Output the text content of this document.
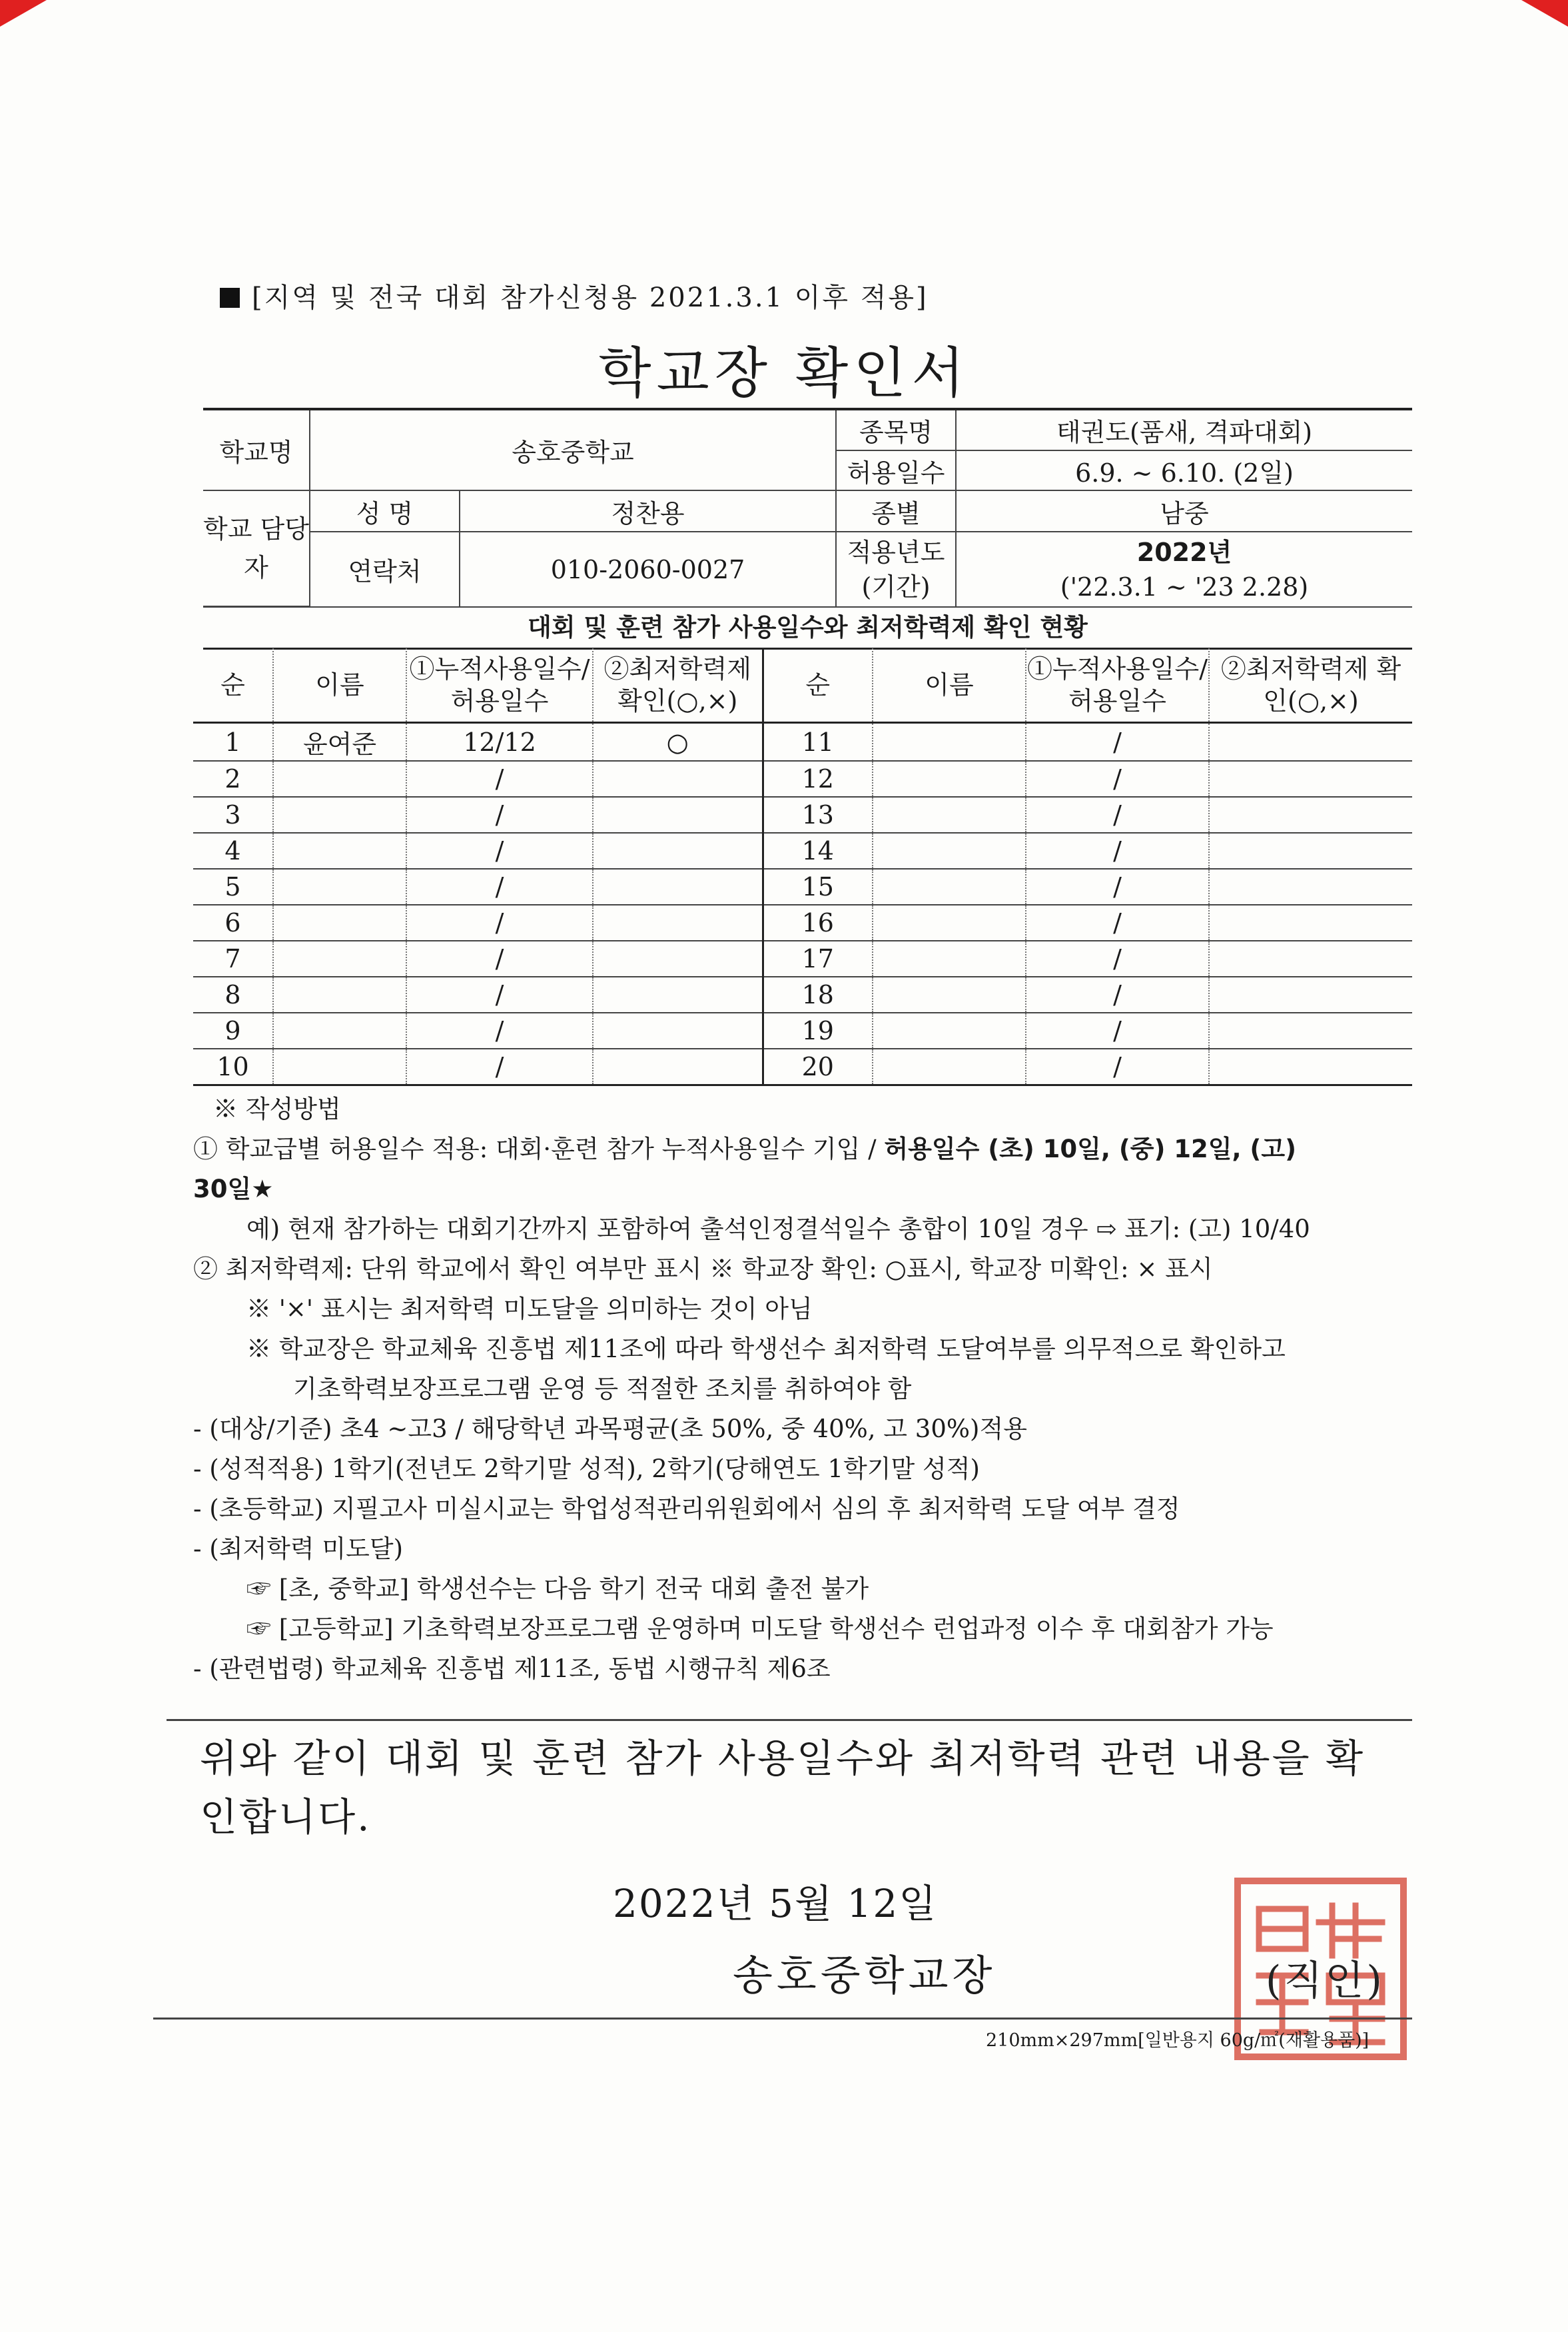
[지역 및 전국 대회 참가신청용 2021.3.1 이후 적용]
학교장 확인서
학교명	송호중학교		종목명	태권도(품새, 격파대회)
			허용일수	6.9. ~ 6.10. (2일)
학교 담당자	성 명	정찬용	종별	남중
	연락처	010-2060-0027	적용년도 (기간)	2022년
('22.3.1 ~ '23 2.28)
대회 및 훈련 참가 사용일수와 최저학력제 확인 현황
순	이름	①누적사용일수/허용일수	②최저학력제 확인(○,×)	순	이름	①누적사용일수/허용일수	②최저학력제 확인(○,×)
1	윤여준	12/12	○	11		/	
2		/		12		/	
3		/		13		/	
4		/		14		/	
5		/		15		/	
6		/		16		/	
7		/		17		/	
8		/		18		/	
9		/		19		/	
10		/		20		/	

※ 작성방법

① 학교급별 허용일수 적용: 대회·훈련 참가 누적사용일수 기입 / 허용일수 (초) 10일, (중) 12일, (고)

30일★

예) 현재 참가하는 대회기간까지 포함하여 출석인정결석일수 총합이 10일 경우 ⇨ 표기: (고) 10/40

② 최저학력제: 단위 학교에서 확인 여부만 표시 ※ 학교장 확인: ○표시, 학교장 미확인: × 표시

※ '×' 표시는 최저학력 미도달을 의미하는 것이 아님

※ 학교장은 학교체육 진흥법 제11조에 따라 학생선수 최저학력 도달여부를 의무적으로 확인하고

기초학력보장프로그램 운영 등 적절한 조치를 취하여야 함

- (대상/기준) 초4 ~고3 / 해당학년 과목평균(초 50%, 중 40%, 고 30%)적용

- (성적적용) 1학기(전년도 2학기말 성적), 2학기(당해연도 1학기말 성적)

- (초등학교) 지필고사 미실시교는 학업성적관리위원회에서 심의 후 최저학력 도달 여부 결정

- (최저학력 미도달)

☞ [초, 중학교] 학생선수는 다음 학기 전국 대회 출전 불가

☞ [고등학교] 기초학력보장프로그램 운영하며 미도달 학생선수 런업과정 이수 후 대회참가 가능

- (관련법령) 학교체육 진흥법 제11조, 동법 시행규칙 제6조

위와 같이 대회 및 훈련 참가 사용일수와 최저학력 관련 내용을 확인합니다.
2022년 5월 12일
송호중학교장	(직인)
210mm×297mm[일반용지 60g/㎡(재활용품)]
